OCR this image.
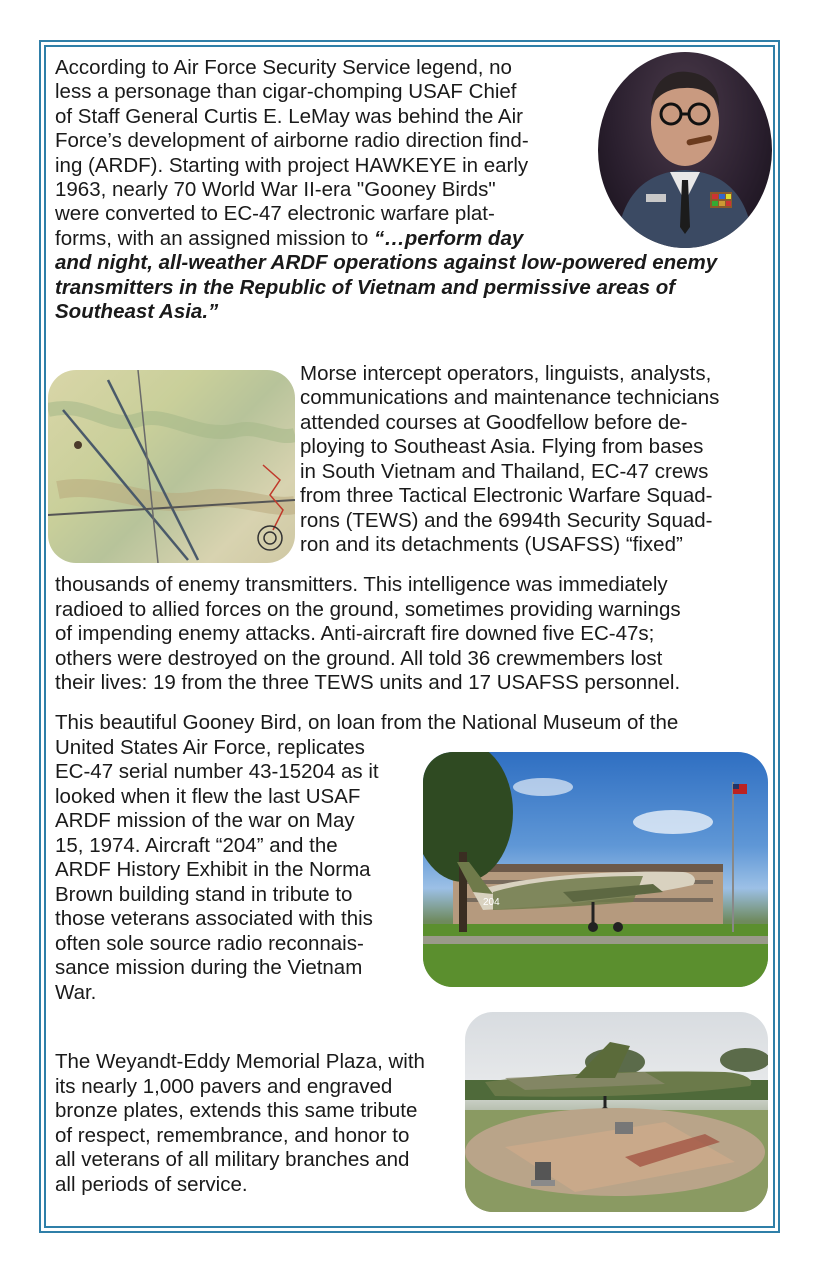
According to Air Force Security Service legend, no

less a personage than cigar-chomping USAF Chief

of Staff General Curtis E. LeMay was behind the Air

Force’s development of airborne radio direction find-

ing (ARDF). Starting with project HAWKEYE in early

1963, nearly 70 World War II-era "Gooney Birds"

were converted to EC-47 electronic warfare plat-

forms, with an assigned mission to “…perform day

and night, all-weather ARDF operations against low-powered enemy

transmitters in the Republic of Vietnam and permissive areas of

Southeast Asia.”

Morse intercept operators, linguists, analysts,

communications and maintenance technicians

attended courses at Goodfellow before de-

ploying to Southeast Asia. Flying from bases

in South Vietnam and Thailand, EC-47 crews

from three Tactical Electronic Warfare Squad-

rons (TEWS) and the 6994th Security Squad-

ron and its detachments (USAFSS) “fixed”

thousands of enemy transmitters. This intelligence was immediately

radioed to allied forces on the ground, sometimes providing warnings

of impending enemy attacks. Anti-aircraft fire downed five EC-47s;

others were destroyed on the ground. All told 36 crewmembers lost

their lives: 19 from the three TEWS units and 17 USAFSS personnel.

This beautiful Gooney Bird, on loan from the National Museum of the

United States Air Force, replicates

EC-47 serial number 43-15204 as it

looked when it flew the last USAF

ARDF mission of the war on May

15, 1974. Aircraft “204” and the

ARDF History Exhibit in the Norma

Brown building stand in tribute to

those veterans associated with this

often sole source radio reconnais-

sance mission during the Vietnam

War.

204

The Weyandt-Eddy Memorial Plaza, with

its nearly 1,000 pavers and engraved

bronze plates, extends this same tribute

of respect, remembrance, and honor to

all veterans of all military branches and

all periods of service.
